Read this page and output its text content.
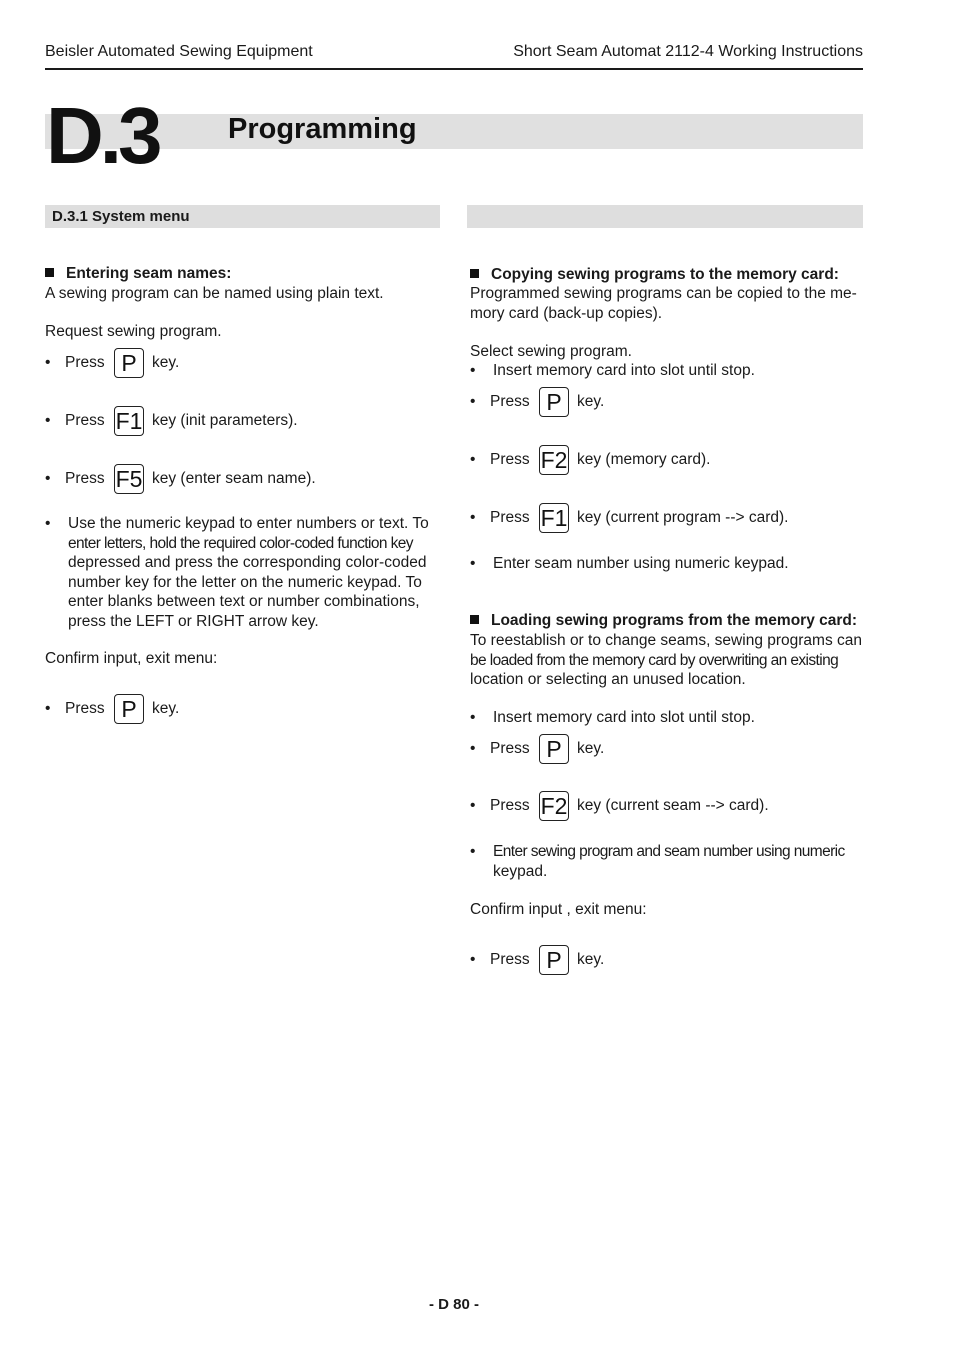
Beisler Automated Sewing Equipment	Short Seam Automat 2112-4 Working Instructions
D.3 Programming
D.3.1 System menu
Entering seam names:
A sewing program can be named using plain text.
Request sewing program.
• Press P key.
• Press F1 key (init parameters).
• Press F5 key (enter seam name).
•	Use the numeric keypad to enter numbers or text. To
enter letters, hold the required color-coded function key
depressed and press the corresponding color-coded
number key for the letter on the numeric keypad. To
enter blanks between text or number combinations,
press the LEFT or RIGHT arrow key.
Confirm input, exit menu:
• Press P key.
Copying sewing programs to the memory card:
Programmed sewing programs can be copied to the me-
mory card (back-up copies).
Select sewing program.
•	Insert memory card into slot until stop.
• Press P key.
• Press F2 key (memory card).
• Press F1 key (current program --> card).
•	Enter seam number using numeric keypad.
Loading sewing programs from the memory card:
To reestablish or to change seams, sewing programs can
be loaded from the memory card by overwriting an existing
location or selecting an unused location.
•	Insert memory card into slot until stop.
• Press P key.
• Press F2 key (current seam --> card).
•	Enter sewing program and seam number using numeric
keypad.
Confirm input , exit menu:
• Press P key.
- D 80 -
